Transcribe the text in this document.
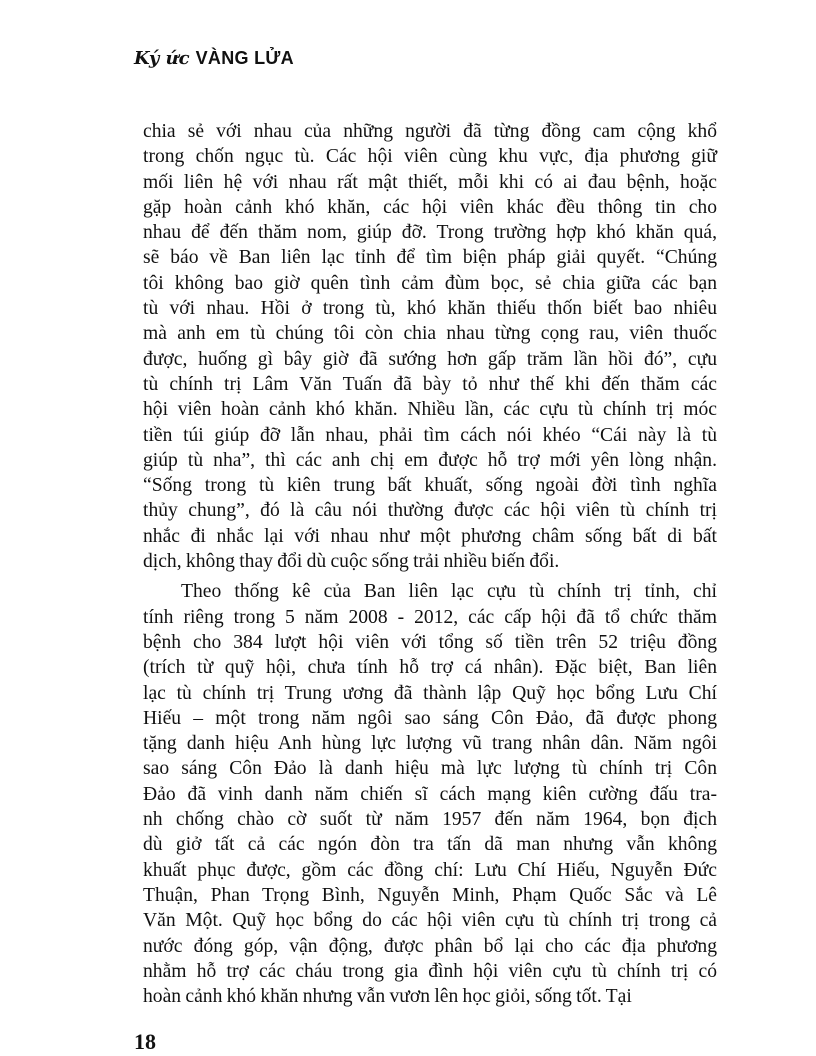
Ký ức VÀNG LỬA
chia sẻ với nhau của những người đã từng đồng cam cộng khổ
trong chốn ngục tù. Các hội viên cùng khu vực, địa phương giữ
mối liên hệ với nhau rất mật thiết, mỗi khi có ai đau bệnh, hoặc
gặp hoàn cảnh khó khăn, các hội viên khác đều thông tin cho
nhau để đến thăm nom, giúp đỡ. Trong trường hợp khó khăn quá,
sẽ báo về Ban liên lạc tỉnh để tìm biện pháp giải quyết. “Chúng
tôi không bao giờ quên tình cảm đùm bọc, sẻ chia giữa các bạn
tù với nhau. Hồi ở trong tù, khó khăn thiếu thốn biết bao nhiêu
mà anh em tù chúng tôi còn chia nhau từng cọng rau, viên thuốc
được, huống gì bây giờ đã sướng hơn gấp trăm lần hồi đó”, cựu
tù chính trị Lâm Văn Tuấn đã bày tỏ như thế khi đến thăm các
hội viên hoàn cảnh khó khăn. Nhiều lần, các cựu tù chính trị móc
tiền túi giúp đỡ lẫn nhau, phải tìm cách nói khéo “Cái này là tù
giúp tù nha”, thì các anh chị em được hỗ trợ mới yên lòng nhận.
“Sống trong tù kiên trung bất khuất, sống ngoài đời tình nghĩa
thủy chung”, đó là câu nói thường được các hội viên tù chính trị
nhắc đi nhắc lại với nhau như một phương châm sống bất di bất
dịch, không thay đổi dù cuộc sống trải nhiều biến đổi.
Theo thống kê của Ban liên lạc cựu tù chính trị tỉnh, chỉ
tính riêng trong 5 năm 2008 - 2012, các cấp hội đã tổ chức thăm
bệnh cho 384 lượt hội viên với tổng số tiền trên 52 triệu đồng
(trích từ quỹ hội, chưa tính hỗ trợ cá nhân). Đặc biệt, Ban liên
lạc tù chính trị Trung ương đã thành lập Quỹ học bổng Lưu Chí
Hiếu – một trong năm ngôi sao sáng Côn Đảo, đã được phong
tặng danh hiệu Anh hùng lực lượng vũ trang nhân dân. Năm ngôi
sao sáng Côn Đảo là danh hiệu mà lực lượng tù chính trị Côn
Đảo đã vinh danh năm chiến sĩ cách mạng kiên cường đấu tra-
nh chống chào cờ suốt từ năm 1957 đến năm 1964, bọn địch
dù giở tất cả các ngón đòn tra tấn dã man nhưng vẫn không
khuất phục được, gồm các đồng chí: Lưu Chí Hiếu, Nguyễn Đức
Thuận, Phan Trọng Bình, Nguyễn Minh, Phạm Quốc Sắc và Lê
Văn Một. Quỹ học bổng do các hội viên cựu tù chính trị trong cả
nước đóng góp, vận động, được phân bổ lại cho các địa phương
nhằm hỗ trợ các cháu trong gia đình hội viên cựu tù chính trị có
hoàn cảnh khó khăn nhưng vẫn vươn lên học giỏi, sống tốt. Tại
18
